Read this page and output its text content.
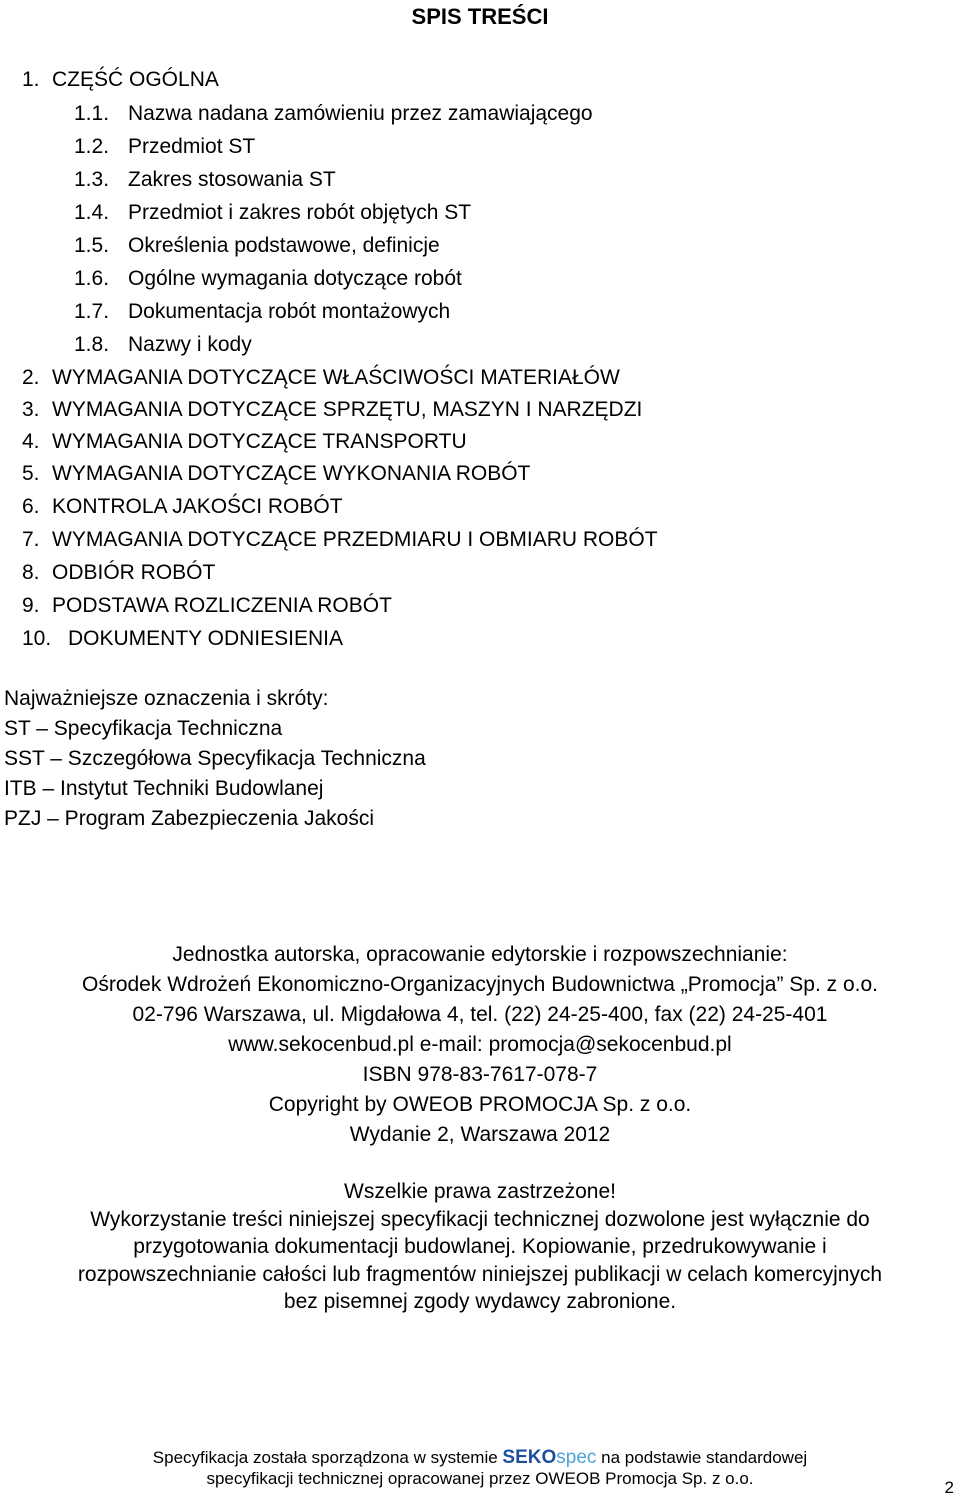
SPIS TREŚCI
1. CZĘŚĆ OGÓLNA
1.1. Nazwa nadana zamówieniu przez zamawiającego
1.2. Przedmiot ST
1.3. Zakres stosowania ST
1.4. Przedmiot i zakres robót objętych ST
1.5. Określenia podstawowe, definicje
1.6. Ogólne wymagania dotyczące robót
1.7. Dokumentacja robót montażowych
1.8. Nazwy i kody
2. WYMAGANIA DOTYCZĄCE WŁAŚCIWOŚCI MATERIAŁÓW
3. WYMAGANIA DOTYCZĄCE SPRZĘTU, MASZYN I NARZĘDZI
4. WYMAGANIA DOTYCZĄCE TRANSPORTU
5. WYMAGANIA DOTYCZĄCE WYKONANIA ROBÓT
6. KONTROLA JAKOŚCI ROBÓT
7. WYMAGANIA DOTYCZĄCE PRZEDMIARU I OBMIARU ROBÓT
8. ODBIÓR ROBÓT
9. PODSTAWA ROZLICZENIA ROBÓT
10. DOKUMENTY ODNIESIENIA
Najważniejsze oznaczenia i skróty:
ST – Specyfikacja Techniczna
SST – Szczegółowa Specyfikacja Techniczna
ITB – Instytut Techniki Budowlanej
PZJ – Program Zabezpieczenia Jakości
Jednostka autorska, opracowanie edytorskie i rozpowszechnianie:
Ośrodek Wdrożeń Ekonomiczno-Organizacyjnych Budownictwa „Promocja” Sp. z o.o.
02-796 Warszawa, ul. Migdałowa 4, tel. (22) 24-25-400, fax (22) 24-25-401
www.sekocenbud.pl e-mail: promocja@sekocenbud.pl
ISBN 978-83-7617-078-7
Copyright by OWEOB PROMOCJA Sp. z o.o.
Wydanie 2, Warszawa 2012
Wszelkie prawa zastrzeżone!
Wykorzystanie treści niniejszej specyfikacji technicznej dozwolone jest wyłącznie do
przygotowania dokumentacji budowlanej. Kopiowanie, przedrukowywanie i
rozpowszechnianie całości lub fragmentów niniejszej publikacji w celach komercyjnych
bez pisemnej zgody wydawcy zabronione.
Specyfikacja została sporządzona w systemie SEKOspec na podstawie standardowej
specyfikacji technicznej opracowanej przez OWEOB Promocja Sp. z o.o.	2
